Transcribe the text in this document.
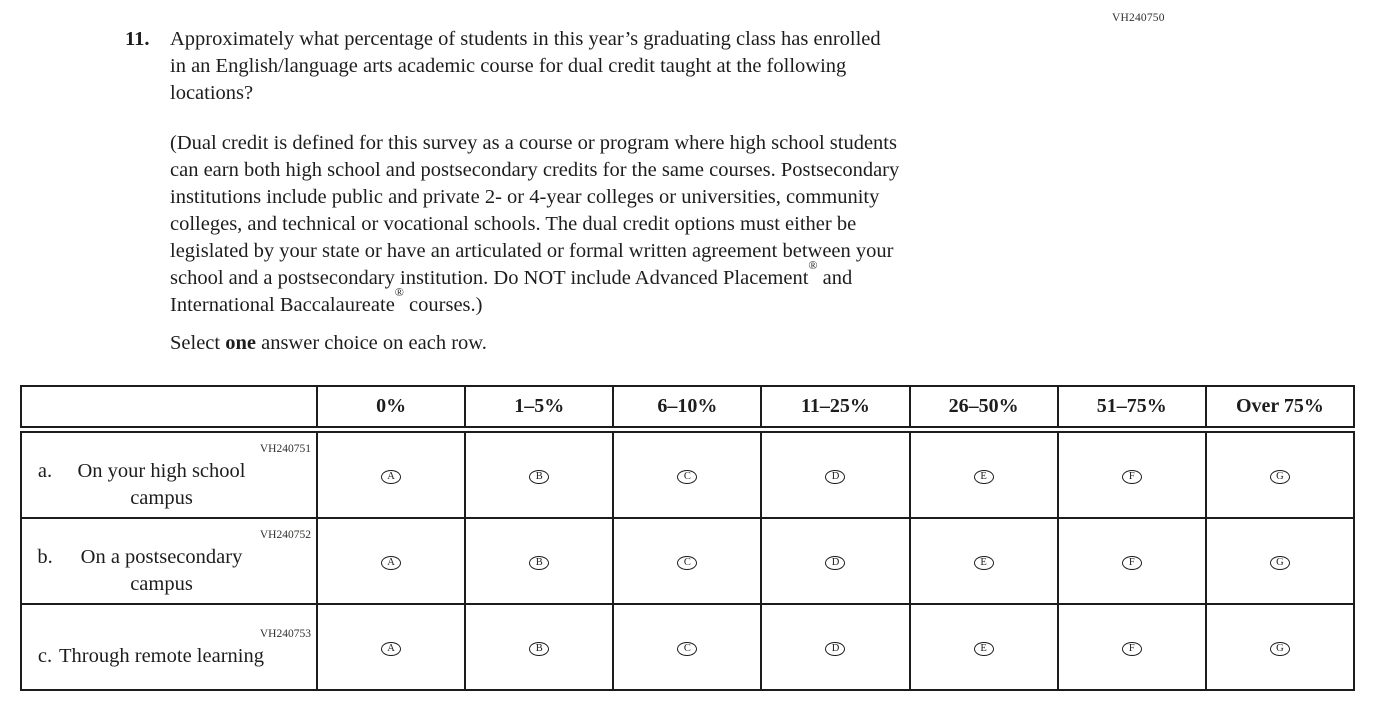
VH240750
11.	Approximately what percentage of students in this year’s graduating class has enrolled
in an English/language arts academic course for dual credit taught at the following
locations?
(Dual credit is defined for this survey as a course or program where high school students
can earn both high school and postsecondary credits for the same courses. Postsecondary
institutions include public and private 2- or 4-year colleges or universities, community
colleges, and technical or vocational schools. The dual credit options must either be
legislated by your state or have an articulated or formal written agreement between your
school and a postsecondary institution. Do NOT include Advanced Placement® and
International Baccalaureate® courses.)
Select one answer choice on each row.
	0%	1–5%	6–10%	11–25%	26–50%	51–75%	Over 75%

VH240751
a. On your high school campus	A	B	C	D	E	F	G

VH240752
b. On a postsecondary campus	A	B	C	D	E	F	G

VH240753
c. Through remote learning	A	B	C	D	E	F	G
